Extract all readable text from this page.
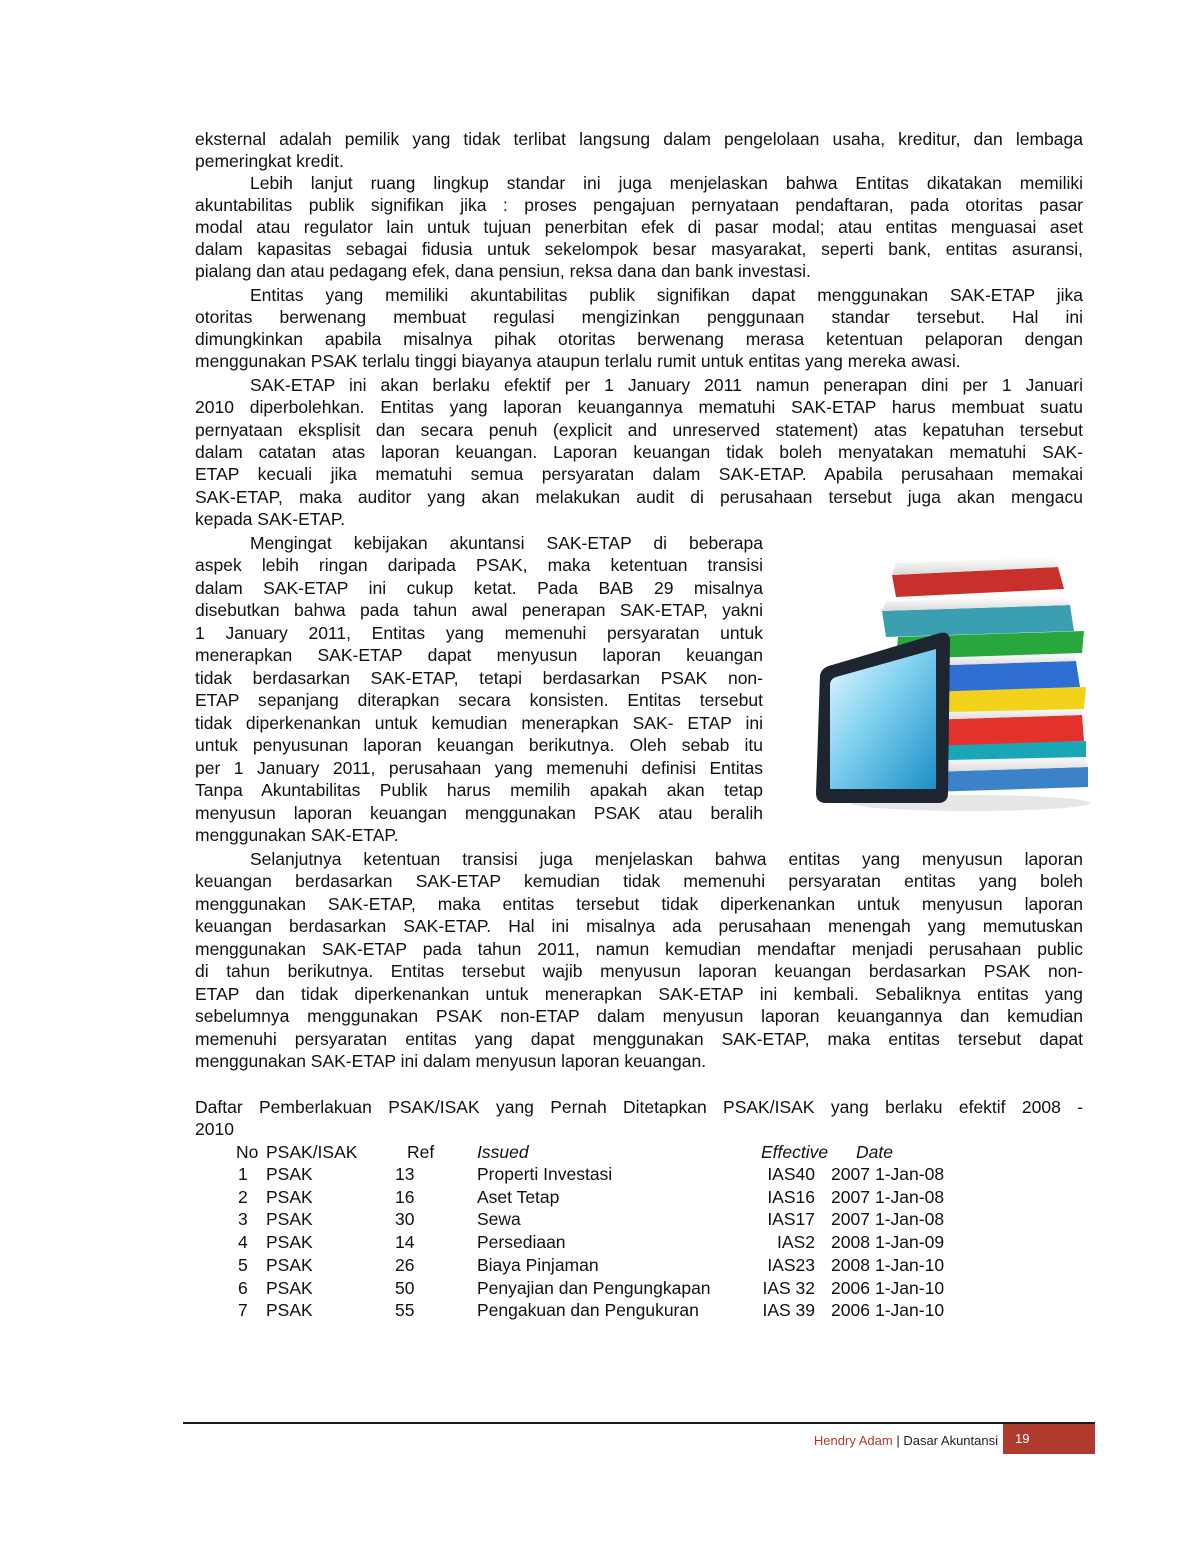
eksternal adalah pemilik yang tidak terlibat langsung dalam pengelolaan usaha, kreditur, dan lembaga
pemeringkat kredit.
Lebih lanjut ruang lingkup standar ini juga menjelaskan bahwa Entitas dikatakan memiliki
akuntabilitas publik signifikan jika : proses pengajuan pernyataan pendaftaran, pada otoritas pasar
modal atau regulator lain untuk tujuan penerbitan efek di pasar modal; atau entitas menguasai aset
dalam kapasitas sebagai fidusia untuk sekelompok besar masyarakat, seperti bank, entitas asuransi,
pialang dan atau pedagang efek, dana pensiun, reksa dana dan bank investasi.
Entitas yang memiliki akuntabilitas publik signifikan dapat menggunakan SAK-ETAP jika
otoritas berwenang membuat regulasi mengizinkan penggunaan standar tersebut. Hal ini
dimungkinkan apabila misalnya pihak otoritas berwenang merasa ketentuan pelaporan dengan
menggunakan PSAK terlalu tinggi biayanya ataupun terlalu rumit untuk entitas yang mereka awasi.
SAK-ETAP ini akan berlaku efektif per 1 January 2011 namun penerapan dini per 1 Januari
2010 diperbolehkan. Entitas yang laporan keuangannya mematuhi SAK-ETAP harus membuat suatu
pernyataan eksplisit dan secara penuh (explicit and unreserved statement) atas kepatuhan tersebut
dalam catatan atas laporan keuangan. Laporan keuangan tidak boleh menyatakan mematuhi SAK-
ETAP kecuali jika mematuhi semua persyaratan dalam SAK-ETAP. Apabila perusahaan memakai
SAK-ETAP, maka auditor yang akan melakukan audit di perusahaan tersebut juga akan mengacu
kepada SAK-ETAP.
Mengingat kebijakan akuntansi SAK-ETAP di beberapa
aspek lebih ringan daripada PSAK, maka ketentuan transisi
dalam SAK-ETAP ini cukup ketat. Pada BAB 29 misalnya
disebutkan bahwa pada tahun awal penerapan SAK-ETAP, yakni
1 January 2011, Entitas yang memenuhi persyaratan untuk
menerapkan SAK-ETAP dapat menyusun laporan keuangan
tidak berdasarkan SAK-ETAP, tetapi berdasarkan PSAK non-
ETAP sepanjang diterapkan secara konsisten. Entitas tersebut
tidak diperkenankan untuk kemudian menerapkan SAK- ETAP ini
untuk penyusunan laporan keuangan berikutnya. Oleh sebab itu
per 1 January 2011, perusahaan yang memenuhi definisi Entitas
Tanpa Akuntabilitas Publik harus memilih apakah akan tetap
menyusun laporan keuangan menggunakan PSAK atau beralih
menggunakan SAK-ETAP.
Selanjutnya ketentuan transisi juga menjelaskan bahwa entitas yang menyusun laporan
keuangan berdasarkan SAK-ETAP kemudian tidak memenuhi persyaratan entitas yang boleh
menggunakan SAK-ETAP, maka entitas tersebut tidak diperkenankan untuk menyusun laporan
keuangan berdasarkan SAK-ETAP. Hal ini misalnya ada perusahaan menengah yang memutuskan
menggunakan SAK-ETAP pada tahun 2011, namun kemudian mendaftar menjadi perusahaan public
di tahun berikutnya. Entitas tersebut wajib menyusun laporan keuangan berdasarkan PSAK non-
ETAP dan tidak diperkenankan untuk menerapkan SAK-ETAP ini kembali. Sebaliknya entitas yang
sebelumnya menggunakan PSAK non-ETAP dalam menyusun laporan keuangannya dan kemudian
memenuhi persyaratan entitas yang dapat menggunakan SAK-ETAP, maka entitas tersebut dapat
menggunakan SAK-ETAP ini dalam menyusun laporan keuangan.
Daftar Pemberlakuan PSAK/ISAK yang Pernah Ditetapkan PSAK/ISAK yang berlaku efektif 2008 -
2010
No PSAK/ISAK	Ref Issued	Effective Date
1 PSAK	13	Properti Investasi	IAS40 2007 1-Jan-08
2 PSAK	16	Aset Tetap	IAS16 2007 1-Jan-08
3 PSAK	30	Sewa	IAS17 2007 1-Jan-08
4 PSAK	14	Persediaan	IAS2 2008 1-Jan-09
5 PSAK	26	Biaya Pinjaman	IAS23 2008 1-Jan-10
6 PSAK	50	Penyajian dan Pengungkapan	IAS 32 2006 1-Jan-10
7 PSAK	55	Pengakuan dan Pengukuran	IAS 39 2006 1-Jan-10
Hendry Adam | Dasar Akuntansi	19
